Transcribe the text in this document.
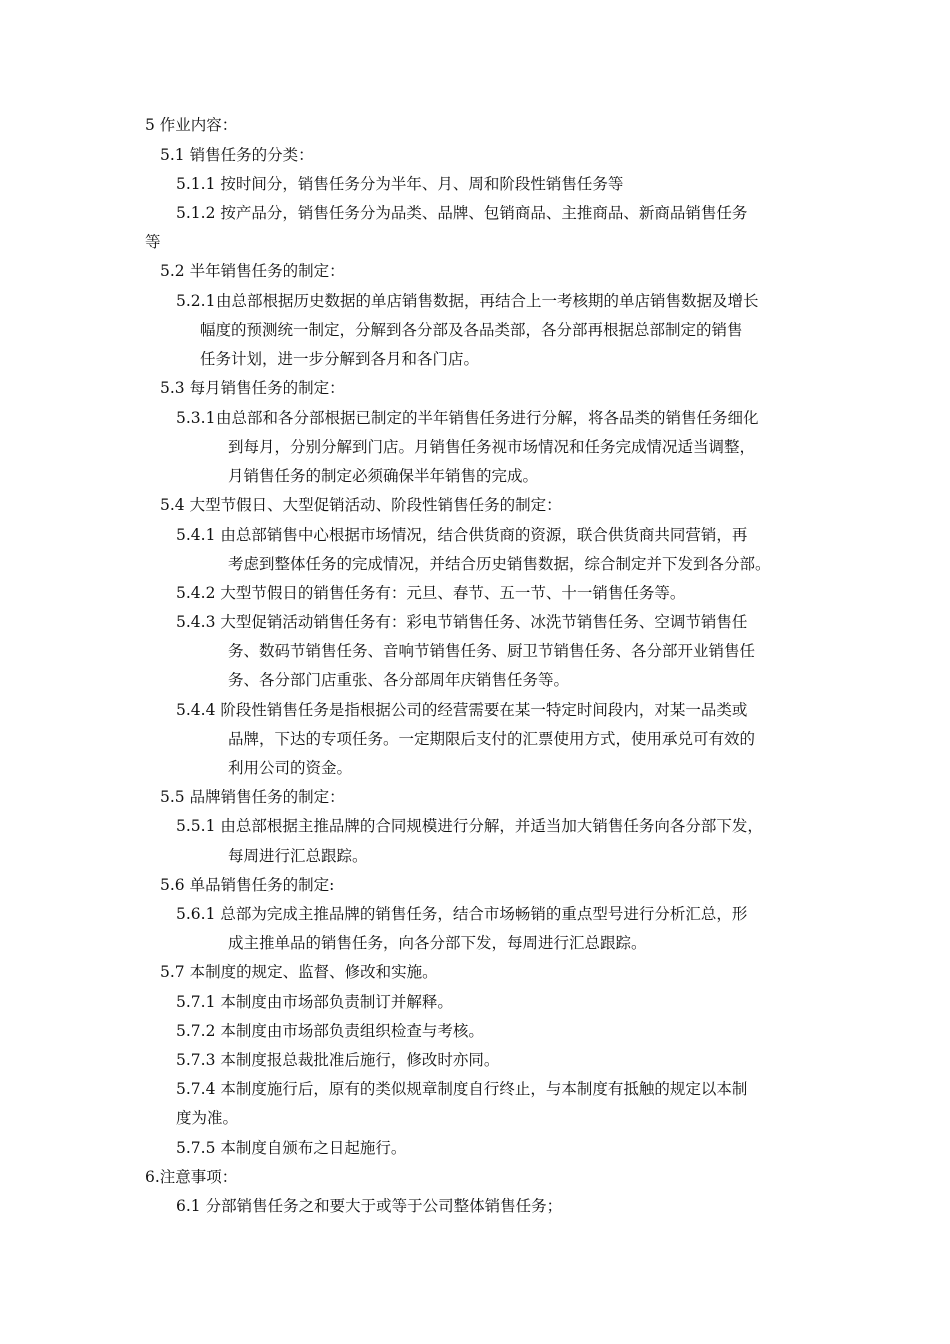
5 作业内容：
5.1 销售任务的分类：
5.1.1 按时间分，销售任务分为半年、月、周和阶段性销售任务等
5.1.2 按产品分，销售任务分为品类、品牌、包销商品、主推商品、新商品销售任务
等
5.2 半年销售任务的制定：
5.2.1 由总部根据历史数据的单店销售数据，再结合上一考核期的单店销售数据及增长
幅度的预测统一制定，分解到各分部及各品类部，各分部再根据总部制定的销售
任务计划，进一步分解到各月和各门店。
5.3 每月销售任务的制定：
5.3.1 由总部和各分部根据已制定的半年销售任务进行分解，将各品类的销售任务细化
到每月，分别分解到门店。月销售任务视市场情况和任务完成情况适当调整，
月销售任务的制定必须确保半年销售的完成。
5.4 大型节假日、大型促销活动、阶段性销售任务的制定：
5.4.1 由总部销售中心根据市场情况，结合供货商的资源，联合供货商共同营销，再
考虑到整体任务的完成情况，并结合历史销售数据，综合制定并下发到各分部。
5.4.2 大型节假日的销售任务有：元旦、春节、五一节、十一销售任务等。
5.4.3 大型促销活动销售任务有：彩电节销售任务、冰洗节销售任务、空调节销售任
务、数码节销售任务、音响节销售任务、厨卫节销售任务、各分部开业销售任
务、各分部门店重张、各分部周年庆销售任务等。
5.4.4 阶段性销售任务是指根据公司的经营需要在某一特定时间段内，对某一品类或
品牌，下达的专项任务。一定期限后支付的汇票使用方式，使用承兑可有效的
利用公司的资金。
5.5 品牌销售任务的制定：
5.5.1 由总部根据主推品牌的合同规模进行分解，并适当加大销售任务向各分部下发，
每周进行汇总跟踪。
5.6 单品销售任务的制定:
5.6.1 总部为完成主推品牌的销售任务，结合市场畅销的重点型号进行分析汇总，形
成主推单品的销售任务，向各分部下发，每周进行汇总跟踪。
5.7 本制度的规定、监督、修改和实施。
5.7.1 本制度由市场部负责制订并解释。
5.7.2 本制度由市场部负责组织检查与考核。
5.7.3 本制度报总裁批准后施行，修改时亦同。
5.7.4 本制度施行后，原有的类似规章制度自行终止，与本制度有抵触的规定以本制
度为准。
5.7.5 本制度自颁布之日起施行。
6.注意事项：
6.1 分部销售任务之和要大于或等于公司整体销售任务；
